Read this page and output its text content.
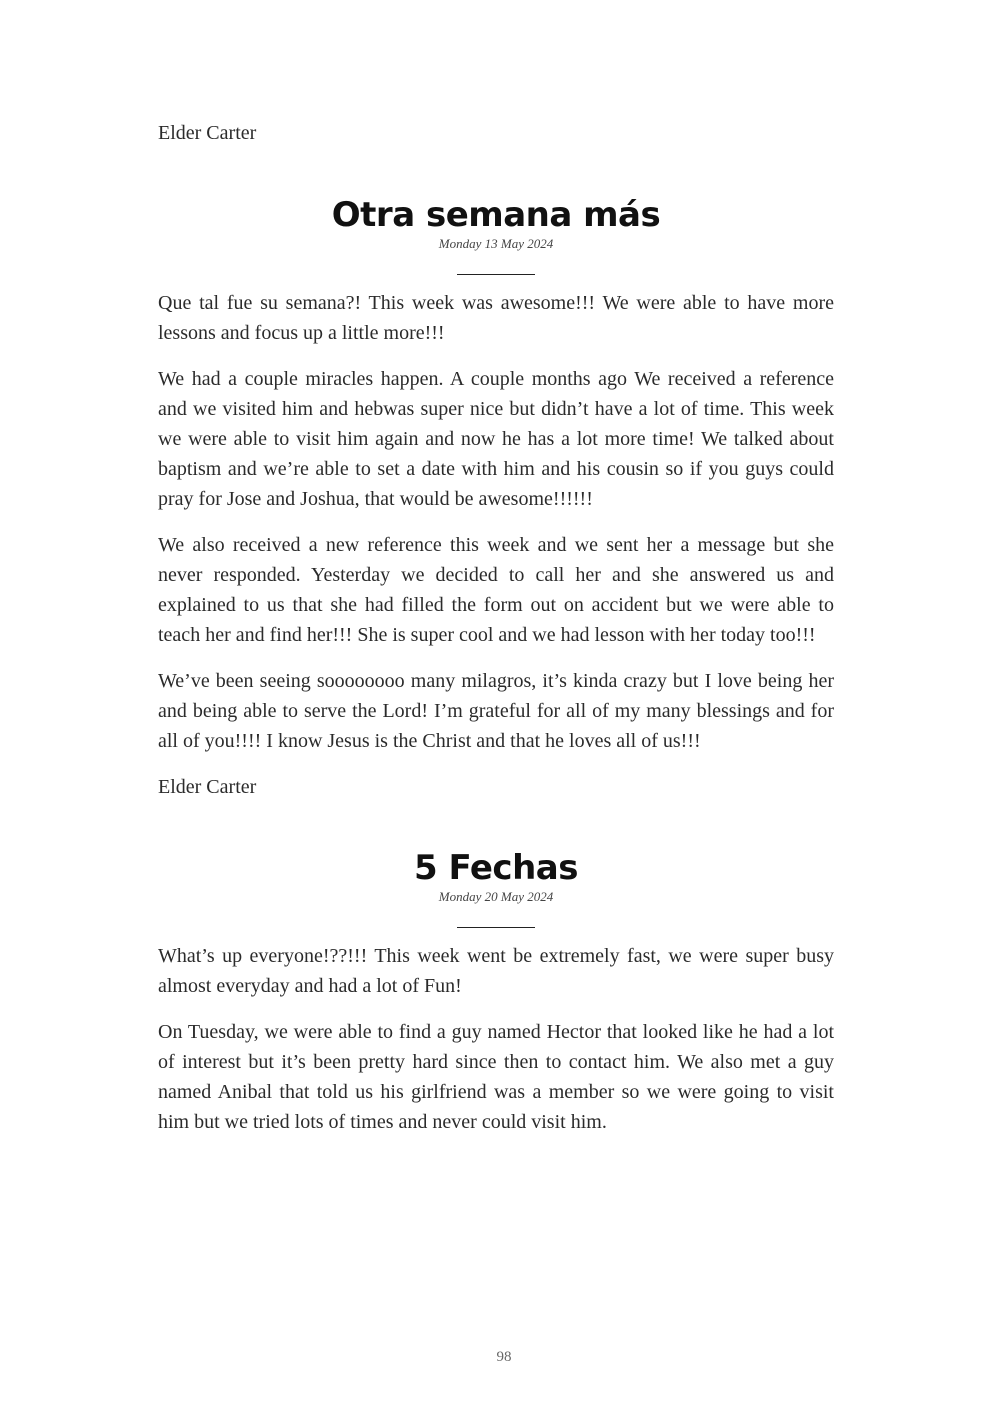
Elder Carter

Otra semana más

Monday 13 May 2024

Que tal fue su semana?! This week was awesome!!! We were able to have more lessons and focus up a little more!!!

We had a couple miracles happen. A couple months ago We received a reference and we visited him and hebwas super nice but didn’t have a lot of time. This week we were able to visit him again and now he has a lot more time! We talked about baptism and we’re able to set a date with him and his cousin so if you guys could pray for Jose and Joshua, that would be awesome!!!!!!

We also received a new reference this week and we sent her a message but she never responded. Yesterday we decided to call her and she answered us and explained to us that she had filled the form out on accident but we were able to teach her and find her!!! She is super cool and we had lesson with her today too!!!

We’ve been seeing soooooooo many milagros, it’s kinda crazy but I love being her and being able to serve the Lord! I’m grateful for all of my many blessings and for all of you!!!! I know Jesus is the Christ and that he loves all of us!!!

Elder Carter

5 Fechas

Monday 20 May 2024

What’s up everyone!??!!! This week went be extremely fast, we were super busy almost everyday and had a lot of Fun!

On Tuesday, we were able to find a guy named Hector that looked like he had a lot of interest but it’s been pretty hard since then to contact him. We also met a guy named Anibal that told us his girlfriend was a member so we were going to visit him but we tried lots of times and never could visit him.

98
